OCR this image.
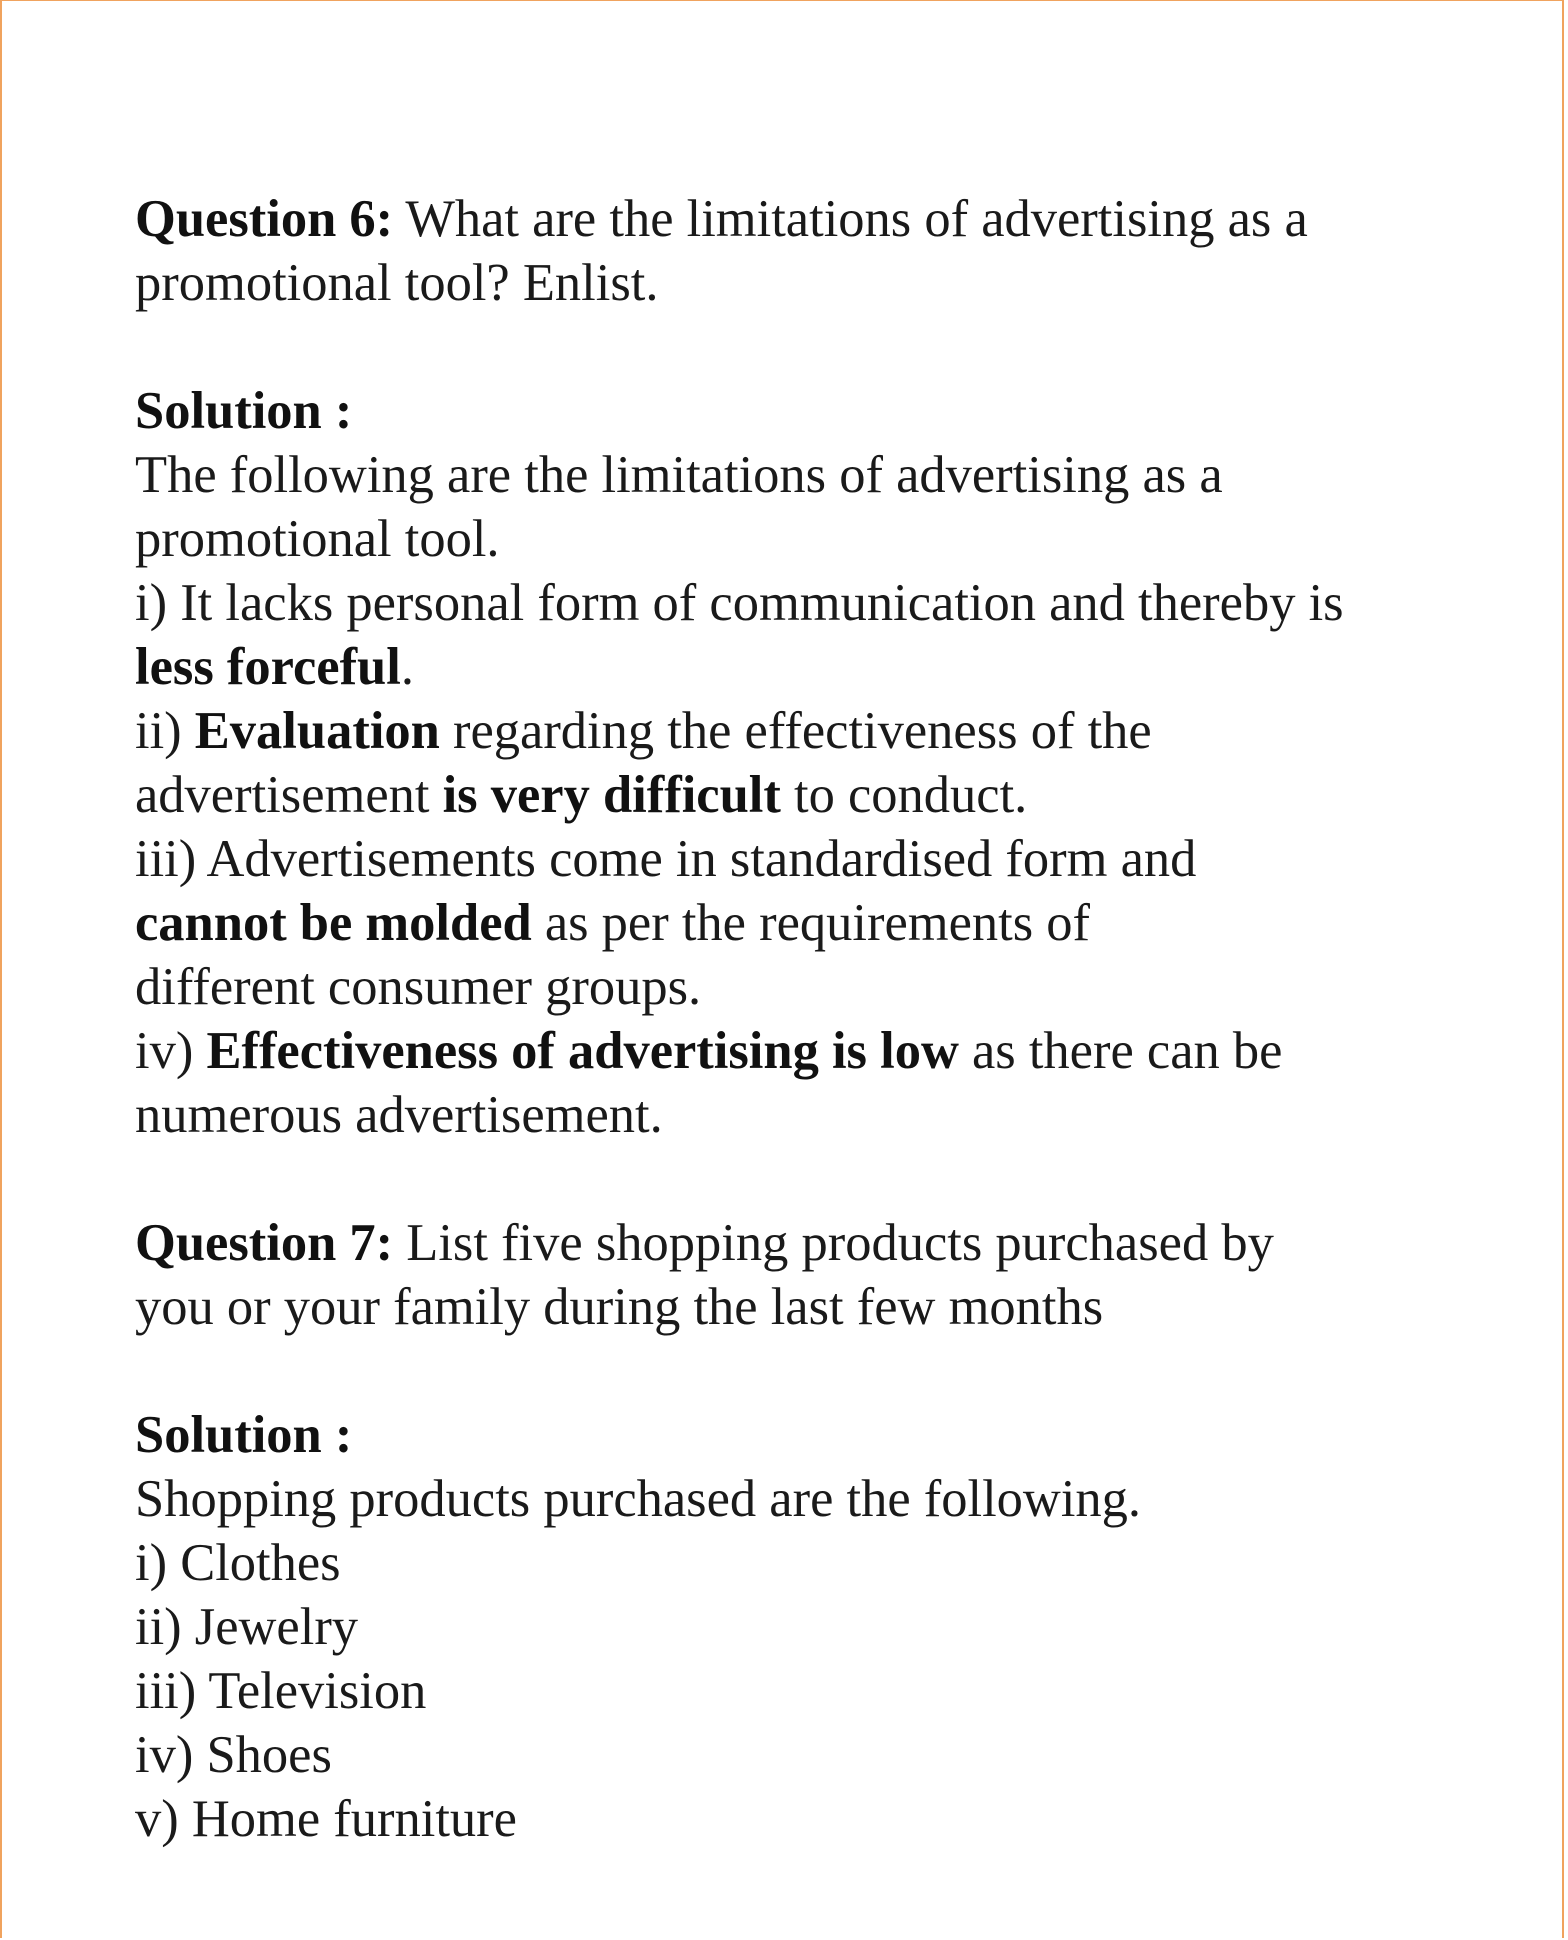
Question 6: What are the limitations of advertising as a
promotional tool? Enlist.
Solution :
The following are the limitations of advertising as a
promotional tool.
i) It lacks personal form of communication and thereby is
less forceful.
ii) Evaluation regarding the effectiveness of the
advertisement is very difficult to conduct.
iii) Advertisements come in standardised form and
cannot be molded as per the requirements of
different consumer groups.
iv) Effectiveness of advertising is low as there can be
numerous advertisement.
Question 7: List five shopping products purchased by
you or your family during the last few months
Solution :
Shopping products purchased are the following.
i) Clothes
ii) Jewelry
iii) Television
iv) Shoes
v) Home furniture
